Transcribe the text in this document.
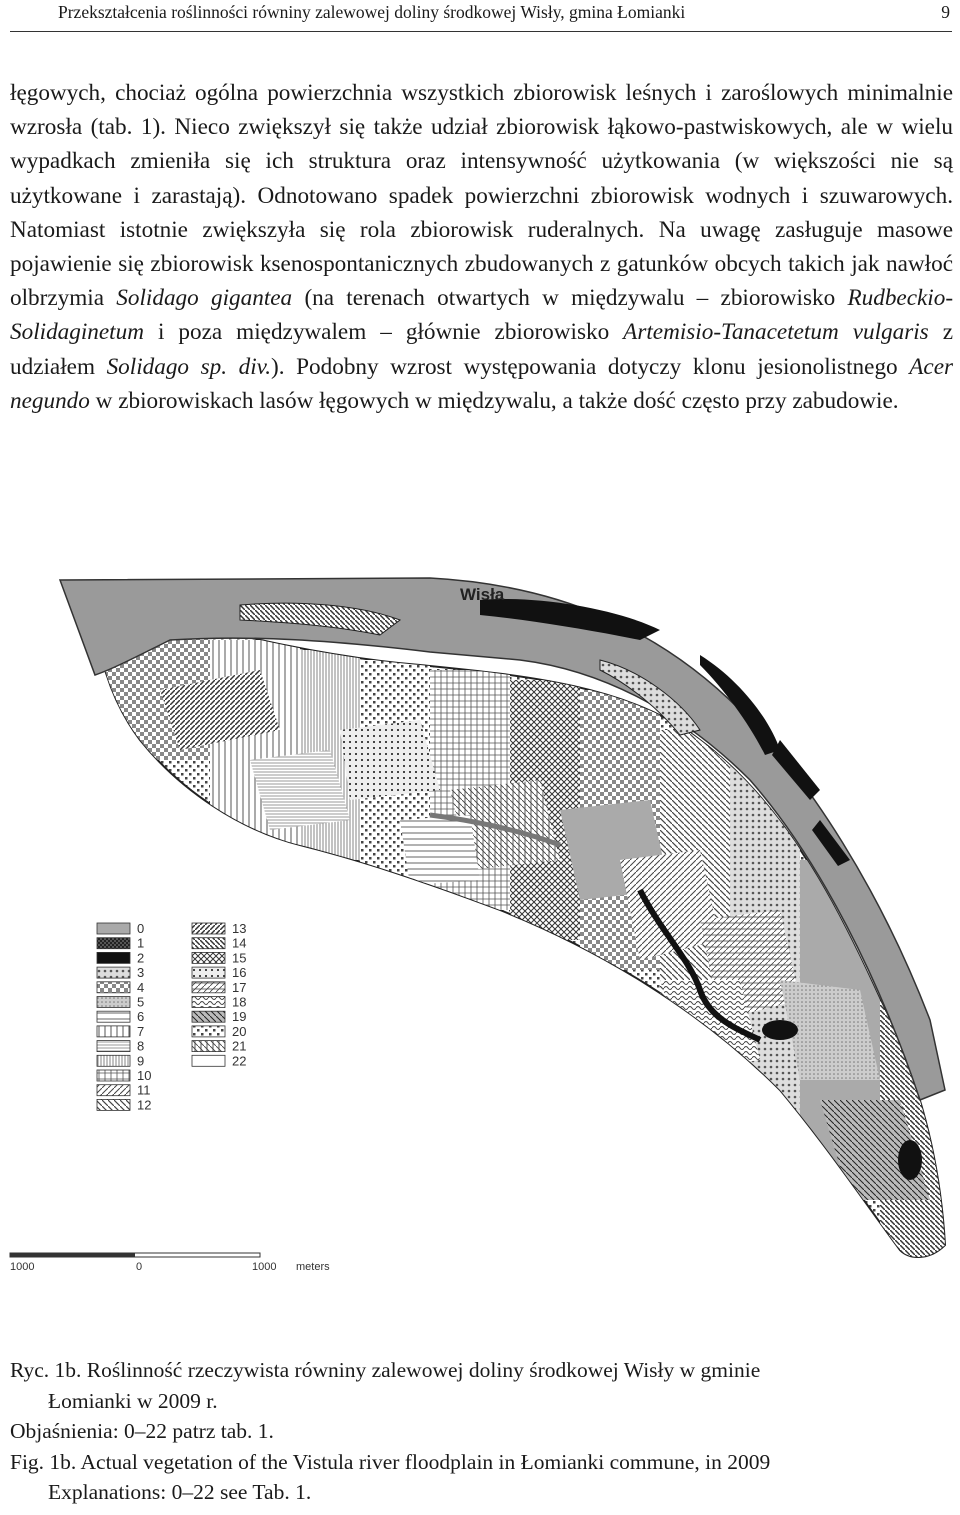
Przekształcenia roślinności równiny zalewowej doliny środkowej Wisły, gmina Łomianki	9

łęgowych, chociaż ogólna powierzchnia wszystkich zbiorowisk leśnych i zaroślowych minimalnie wzrosła (tab. 1). Nieco zwiększył się także udział zbiorowisk łąkowo-pastwiskowych, ale w wielu wypadkach zmieniła się ich struktura oraz intensywność użytkowania (w większości nie są użytkowane i zarastają). Odnotowano spadek powierzchni zbiorowisk wodnych i szuwarowych. Natomiast istotnie zwiększyła się rola zbiorowisk ruderalnych. Na uwagę zasługuje masowe pojawienie się zbiorowisk ksenospontanicznych zbudowanych z gatunków obcych takich jak nawłoć olbrzymia Solidago gigantea (na terenach otwartych w międzywalu – zbiorowisko Rudbeckio-Solidaginetum i poza międzywalem – głównie zbiorowisko Artemisio-Tanacetetum vulgaris z udziałem Solidago sp. div.). Podobny wzrost występowania dotyczy klonu jesionolistnego Acer negundo w zbiorowiskach lasów łęgowych w międzywalu, a także dość często przy zabudowie.

Wisła
0
1
2
3
4
5
6
7
8
9
10
11
12
13
14
15
16
17
18
19
20
21
22
1000	0	1000 meters
Ryc. 1b. Roślinność rzeczywista równiny zalewowej doliny środkowej Wisły w gminie
Łomianki w 2009 r.
Objaśnienia: 0–22 patrz tab. 1.
Fig. 1b. Actual vegetation of the Vistula river floodplain in Łomianki commune, in 2009
Explanations: 0–22 see Tab. 1.
